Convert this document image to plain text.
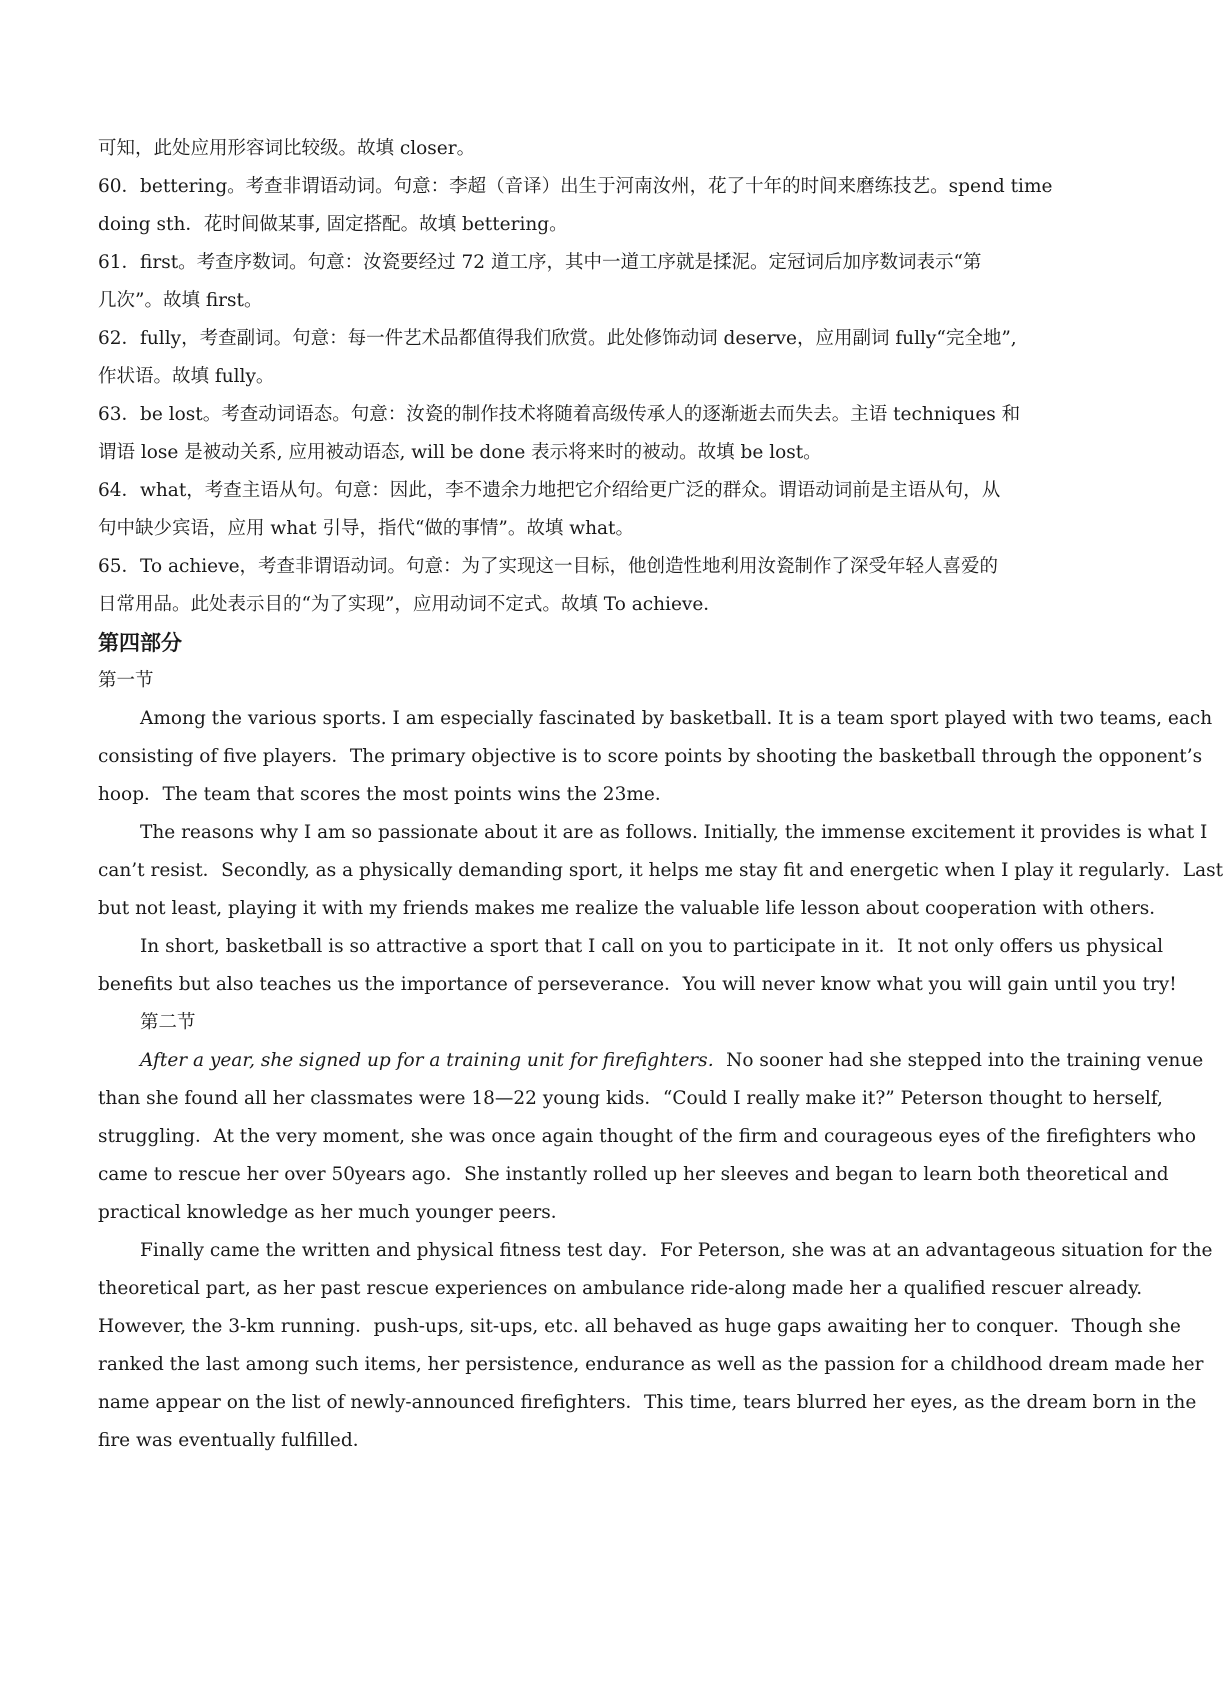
可知，此处应用形容词比较级。故填 closer。
60．bettering。考查非谓语动词。句意：李超（音译）出生于河南汝州，花了十年的时间来磨练技艺。spend time
doing sth．花时间做某事, 固定搭配。故填 bettering。
61．first。考查序数词。句意：汝瓷要经过 72 道工序，其中一道工序就是揉泥。定冠词后加序数词表示“第
几次”。故填 first。
62．fully，考查副词。句意：每一件艺术品都值得我们欣赏。此处修饰动词 deserve，应用副词 fully“完全地”,
作状语。故填 fully。
63．be lost。考查动词语态。句意：汝瓷的制作技术将随着高级传承人的逐渐逝去而失去。主语 techniques 和
谓语 lose 是被动关系, 应用被动语态, will be done 表示将来时的被动。故填 be lost。
64．what，考查主语从句。句意：因此，李不遗余力地把它介绍给更广泛的群众。谓语动词前是主语从句，从
句中缺少宾语，应用 what 引导，指代“做的事情”。故填 what。
65．To achieve，考查非谓语动词。句意：为了实现这一目标，他创造性地利用汝瓷制作了深受年轻人喜爱的
日常用品。此处表示目的“为了实现”，应用动词不定式。故填 To achieve．
第四部分
第一节
Among the various sports. I am especially fascinated by basketball. It is a team sport played with two teams, each
consisting of five players．The primary objective is to score points by shooting the basketball through the opponent’s
hoop．The team that scores the most points wins the 23me．
The reasons why I am so passionate about it are as follows. Initially, the immense excitement it provides is what I
can’t resist．Secondly, as a physically demanding sport, it helps me stay fit and energetic when I play it regularly．Last
but not least, playing it with my friends makes me realize the valuable life lesson about cooperation with others．
In short, basketball is so attractive a sport that I call on you to participate in it．It not only offers us physical
benefits but also teaches us the importance of perseverance．You will never know what you will gain until you try!
第二节
After a year, she signed up for a training unit for firefighters．No sooner had she stepped into the training venue
than she found all her classmates were 18—22 young kids．“Could I really make it?” Peterson thought to herself,
struggling．At the very moment, she was once again thought of the firm and courageous eyes of the firefighters who
came to rescue her over 50years ago．She instantly rolled up her sleeves and began to learn both theoretical and
practical knowledge as her much younger peers．
Finally came the written and physical fitness test day．For Peterson, she was at an advantageous situation for the
theoretical part, as her past rescue experiences on ambulance ride-along made her a qualified rescuer already.
However, the 3-km running．push-ups, sit-ups, etc. all behaved as huge gaps awaiting her to conquer．Though she
ranked the last among such items, her persistence, endurance as well as the passion for a childhood dream made her
name appear on the list of newly-announced firefighters．This time, tears blurred her eyes, as the dream born in the
fire was eventually fulfilled．
